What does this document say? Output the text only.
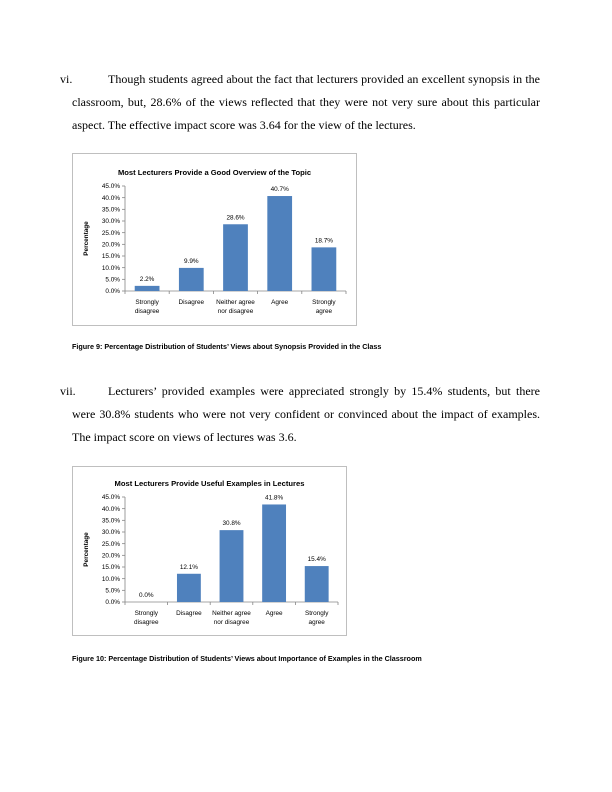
vi.	Though students agreed about the fact that lecturers provided an excellent synopsis in the classroom, but, 28.6% of the views reflected that they were not very sure about this particular aspect. The effective impact score was 3.64 for the view of the lectures.
Most Lecturers Provide a Good Overview of the Topic
Percentage
0.0%
5.0%
10.0%
15.0%
20.0%
25.0%
30.0%
35.0%
40.0%
45.0%
2.2%
Strongly
disagree
9.9%
Disagree
28.6%
Neither agree
nor disagree
40.7%
Agree
18.7%
Strongly
agree
Figure 9: Percentage Distribution of Students’ Views about Synopsis Provided in the Class
vii.	Lecturers’ provided examples were appreciated strongly by 15.4% students, but there were 30.8% students who were not very confident or convinced about the impact of examples. The impact score on views of lectures was 3.6.
Most Lecturers Provide Useful Examples in Lectures
Percentage
0.0%
5.0%
10.0%
15.0%
20.0%
25.0%
30.0%
35.0%
40.0%
45.0%
0.0%
Strongly
disagree
12.1%
Disagree
30.8%
Neither agree
nor disagree
41.8%
Agree
15.4%
Strongly
agree
Figure 10: Percentage Distribution of Students’ Views about Importance of Examples in the Classroom
